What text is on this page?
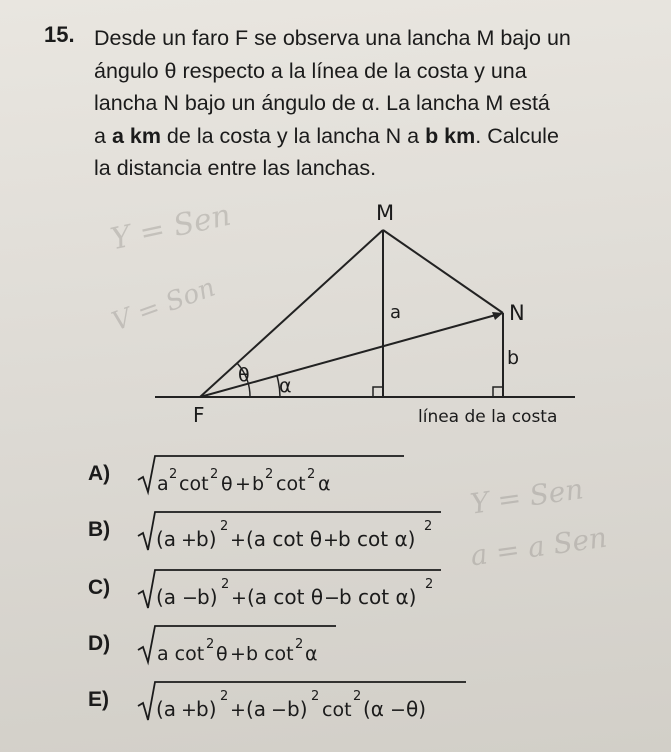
Y = Sen
V = Son
Y = Sen
a = a Sen
15. Desde un faro F se observa una lancha M bajo un
ángulo θ respecto a la línea de la costa y una
lancha N bajo un ángulo de α. La lancha M está
a a km de la costa y la lancha N a b km. Calcule
la distancia entre las lanchas.
M
N
F
a
b
θ α
línea de la costa
A) a 2 cot 2 θ + b 2 cot 2 α
B) (a + b)
2
+ (a cot θ + b cot α)
2
C) (a − b)
2
+ (a cot θ − b cot α)
2
D) a cot 2 θ + b cot 2 α
E) (a + b)
2
+ (a − b)
2
cot
2
(α − θ)
